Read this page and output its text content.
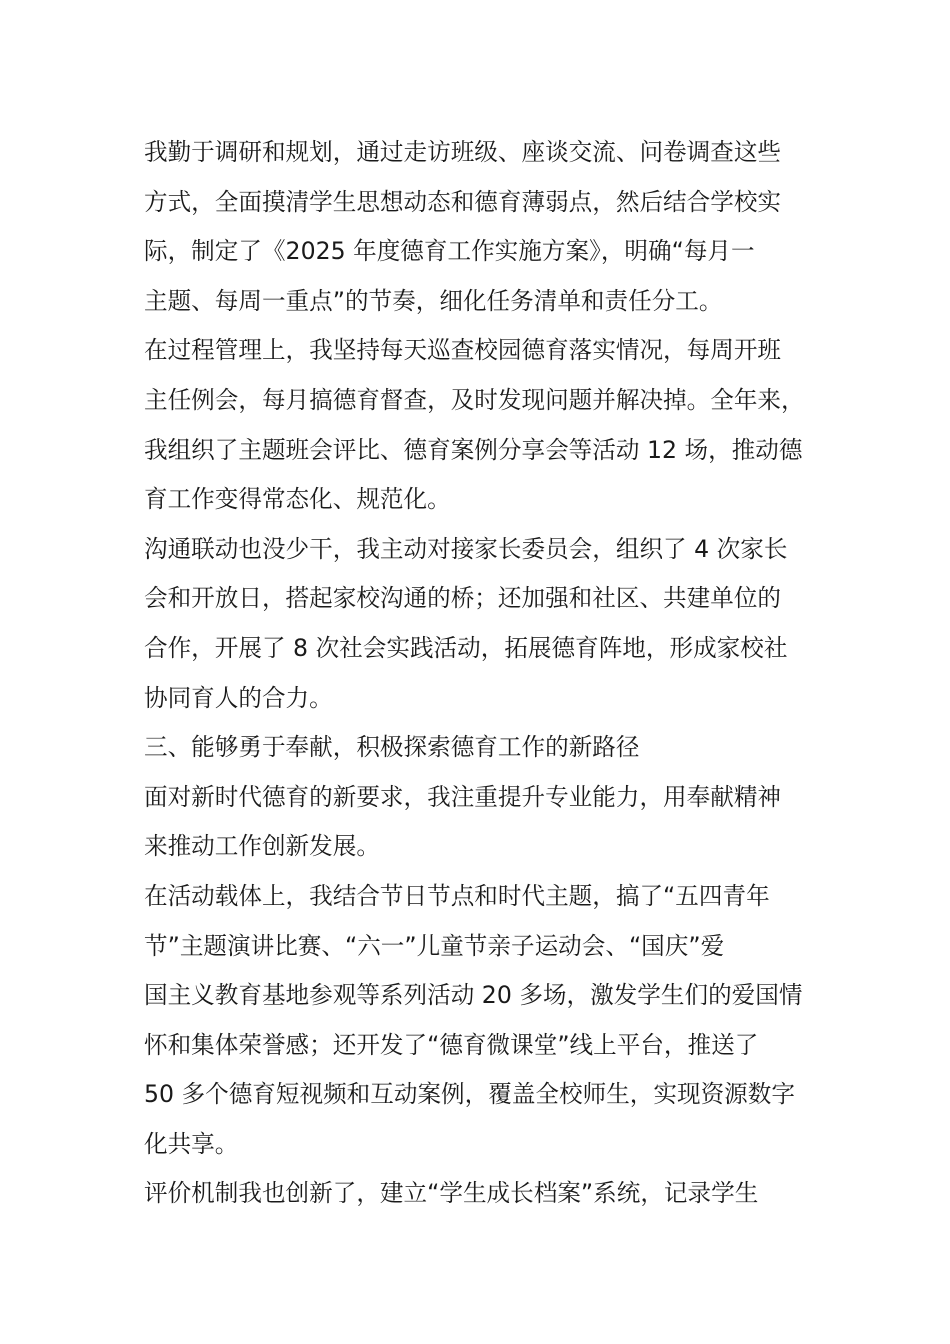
我勤于调研和规划，通过走访班级、座谈交流、问卷调查这些
方式，全面摸清学生思想动态和德育薄弱点，然后结合学校实
际，制定了《2025 年度德育工作实施方案》，明确“每月一
主题、每周一重点”的节奏，细化任务清单和责任分工。
在过程管理上，我坚持每天巡查校园德育落实情况，每周开班
主任例会，每月搞德育督查，及时发现问题并解决掉。全年来，
我组织了主题班会评比、德育案例分享会等活动 12 场，推动德
育工作变得常态化、规范化。
沟通联动也没少干，我主动对接家长委员会，组织了 4 次家长
会和开放日，搭起家校沟通的桥；还加强和社区、共建单位的
合作，开展了 8 次社会实践活动，拓展德育阵地，形成家校社
协同育人的合力。
三、能够勇于奉献，积极探索德育工作的新路径
面对新时代德育的新要求，我注重提升专业能力，用奉献精神
来推动工作创新发展。
在活动载体上，我结合节日节点和时代主题，搞了“五四青年
节”主题演讲比赛、“六一”儿童节亲子运动会、“国庆”爱
国主义教育基地参观等系列活动 20 多场，激发学生们的爱国情
怀和集体荣誉感；还开发了“德育微课堂”线上平台，推送了
50 多个德育短视频和互动案例，覆盖全校师生，实现资源数字
化共享。
评价机制我也创新了，建立“学生成长档案”系统，记录学生
